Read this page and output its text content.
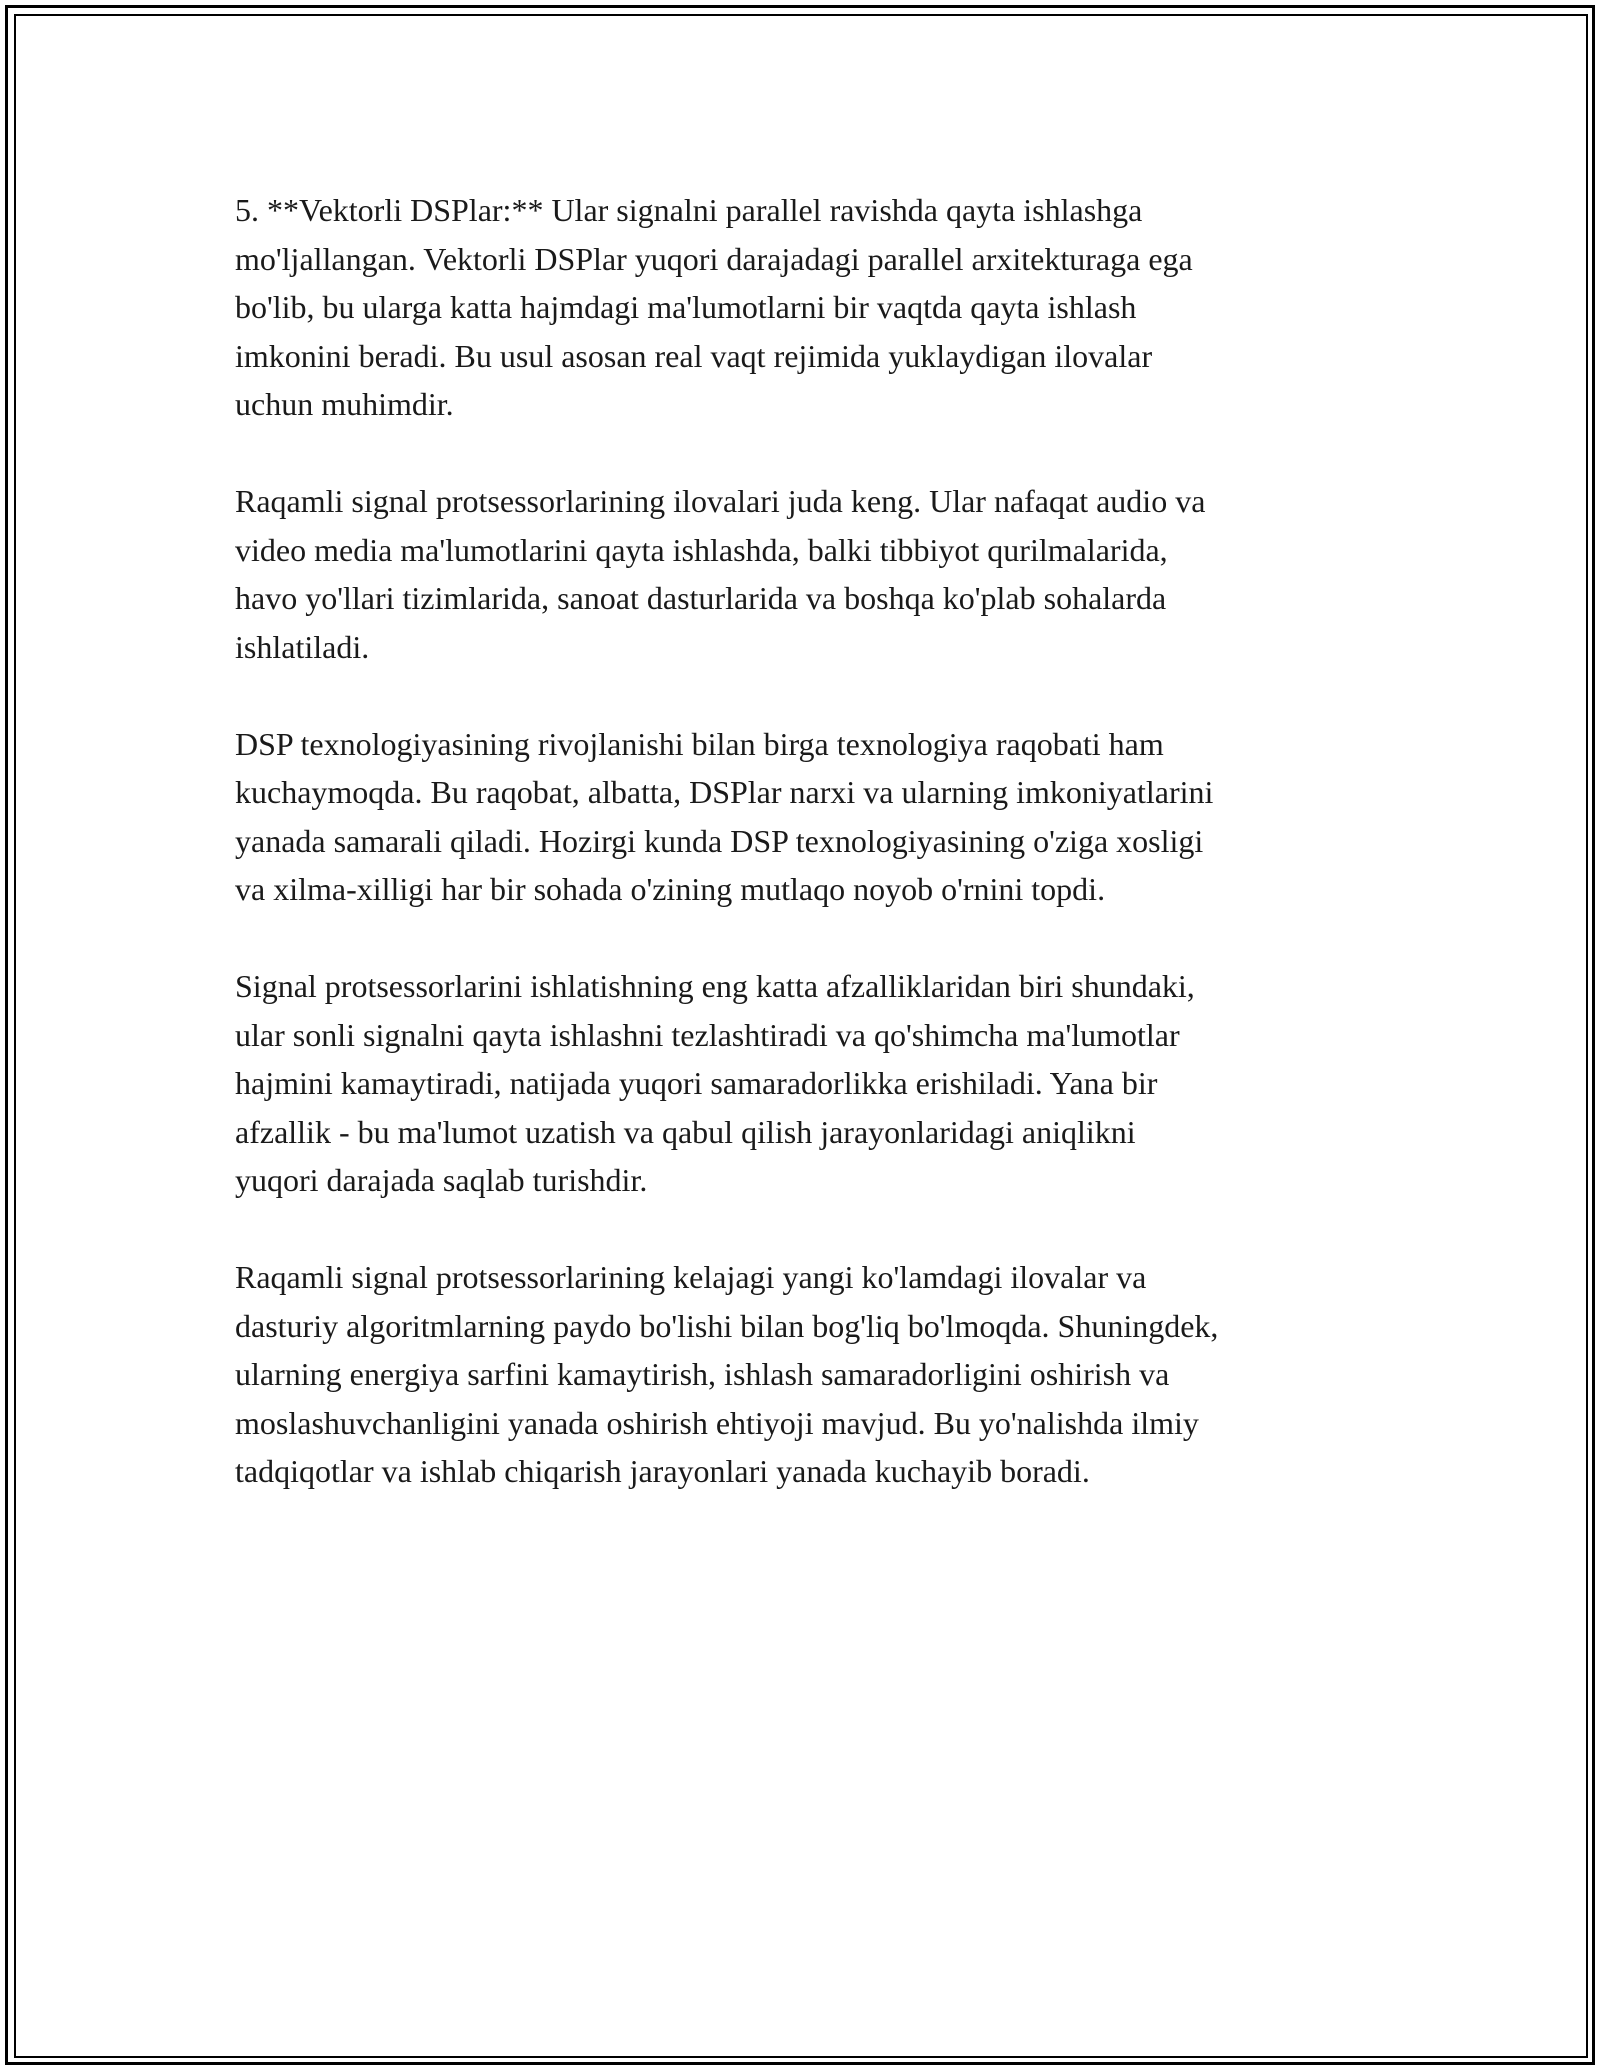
5. **Vektorli DSPlar:** Ular signalni parallel ravishda qayta ishlashga
mo'ljallangan. Vektorli DSPlar yuqori darajadagi parallel arxitekturaga ega
bo'lib, bu ularga katta hajmdagi ma'lumotlarni bir vaqtda qayta ishlash
imkonini beradi. Bu usul asosan real vaqt rejimida yuklaydigan ilovalar
uchun muhimdir.

Raqamli signal protsessorlarining ilovalari juda keng. Ular nafaqat audio va
video media ma'lumotlarini qayta ishlashda, balki tibbiyot qurilmalarida,
havo yo'llari tizimlarida, sanoat dasturlarida va boshqa ko'plab sohalarda
ishlatiladi.

DSP texnologiyasining rivojlanishi bilan birga texnologiya raqobati ham
kuchaymoqda. Bu raqobat, albatta, DSPlar narxi va ularning imkoniyatlarini
yanada samarali qiladi. Hozirgi kunda DSP texnologiyasining o'ziga xosligi
va xilma-xilligi har bir sohada o'zining mutlaqo noyob o'rnini topdi.

Signal protsessorlarini ishlatishning eng katta afzalliklaridan biri shundaki,
ular sonli signalni qayta ishlashni tezlashtiradi va qo'shimcha ma'lumotlar
hajmini kamaytiradi, natijada yuqori samaradorlikka erishiladi. Yana bir
afzallik - bu ma'lumot uzatish va qabul qilish jarayonlaridagi aniqlikni
yuqori darajada saqlab turishdir.

Raqamli signal protsessorlarining kelajagi yangi ko'lamdagi ilovalar va
dasturiy algoritmlarning paydo bo'lishi bilan bog'liq bo'lmoqda. Shuningdek,
ularning energiya sarfini kamaytirish, ishlash samaradorligini oshirish va
moslashuvchanligini yanada oshirish ehtiyoji mavjud. Bu yo'nalishda ilmiy
tadqiqotlar va ishlab chiqarish jarayonlari yanada kuchayib boradi.
